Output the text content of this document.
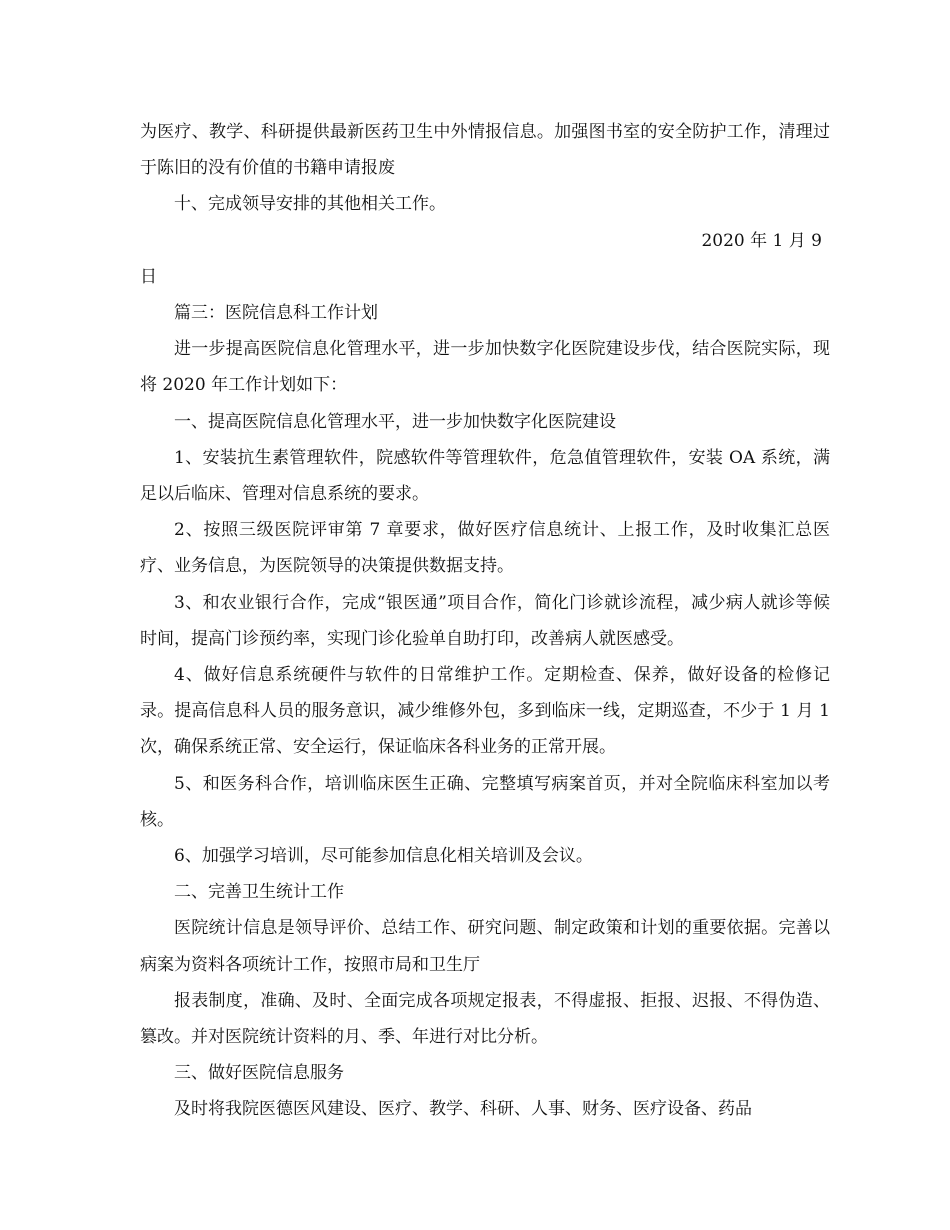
为医疗、教学、科研提供最新医药卫生中外情报信息。加强图书室的安全防护工作，清理过于陈旧的没有价值的书籍申请报废

十、完成领导安排的其他相关工作。

2020 年 1 月 9

日

篇三：医院信息科工作计划

进一步提高医院信息化管理水平，进一步加快数字化医院建设步伐，结合医院实际，现将 2020 年工作计划如下：

一、提高医院信息化管理水平，进一步加快数字化医院建设

1、安装抗生素管理软件，院感软件等管理软件，危急值管理软件，安装 OA 系统，满足以后临床、管理对信息系统的要求。

2、按照三级医院评审第 7 章要求，做好医疗信息统计、上报工作，及时收集汇总医疗、业务信息，为医院领导的决策提供数据支持。

3、和农业银行合作，完成“银医通”项目合作，简化门诊就诊流程，减少病人就诊等候时间，提高门诊预约率，实现门诊化验单自助打印，改善病人就医感受。

4、做好信息系统硬件与软件的日常维护工作。定期检查、保养，做好设备的检修记录。提高信息科人员的服务意识，减少维修外包，多到临床一线，定期巡查，不少于 1 月 1 次，确保系统正常、安全运行，保证临床各科业务的正常开展。

5、和医务科合作，培训临床医生正确、完整填写病案首页，并对全院临床科室加以考核。

6、加强学习培训，尽可能参加信息化相关培训及会议。

二、完善卫生统计工作

医院统计信息是领导评价、总结工作、研究问题、制定政策和计划的重要依据。完善以病案为资料各项统计工作，按照市局和卫生厅

报表制度，准确、及时、全面完成各项规定报表，不得虚报、拒报、迟报、不得伪造、篡改。并对医院统计资料的月、季、年进行对比分析。

三、做好医院信息服务

及时将我院医德医风建设、医疗、教学、科研、人事、财务、医疗设备、药品
